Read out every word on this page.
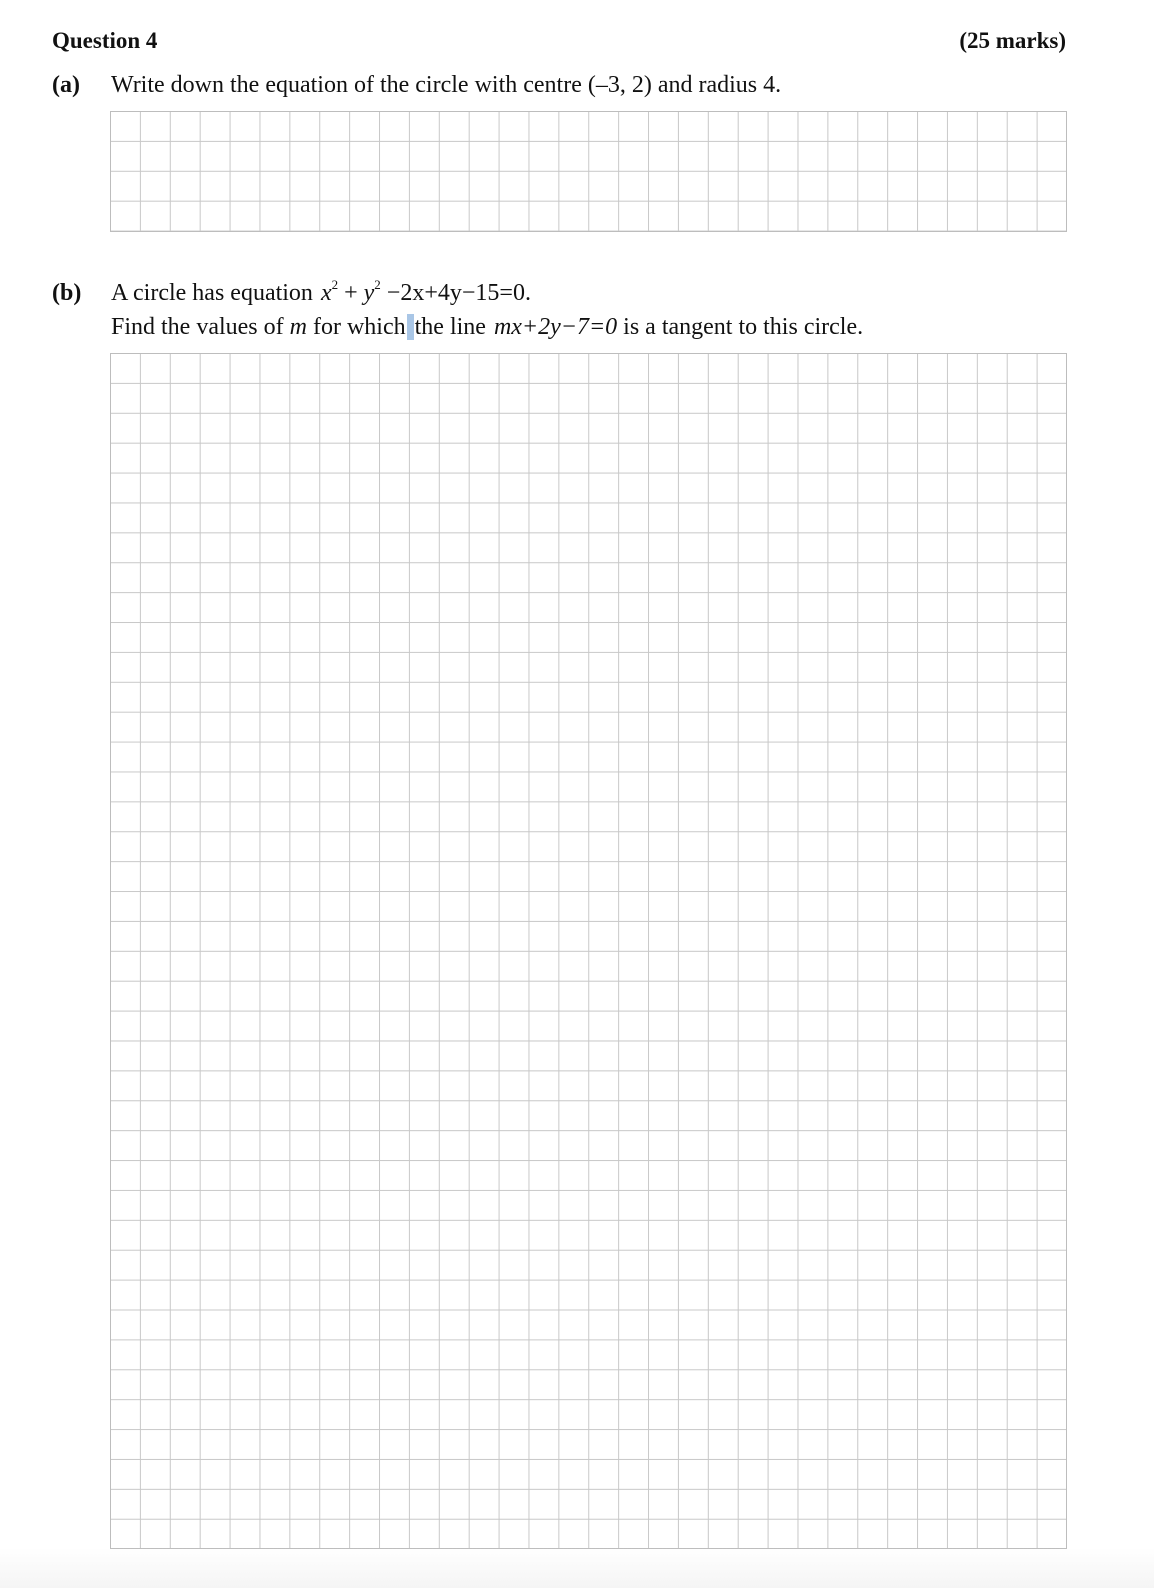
Question 4	(25 marks)
(a) Write down the equation of the circle with centre (–3, 2) and radius 4.
(b) A circle has equation $x^2 + y^2 -2x+4y-15=0$.
Find the values of m for which the line mx+2y−7=0 is a tangent to this circle.
